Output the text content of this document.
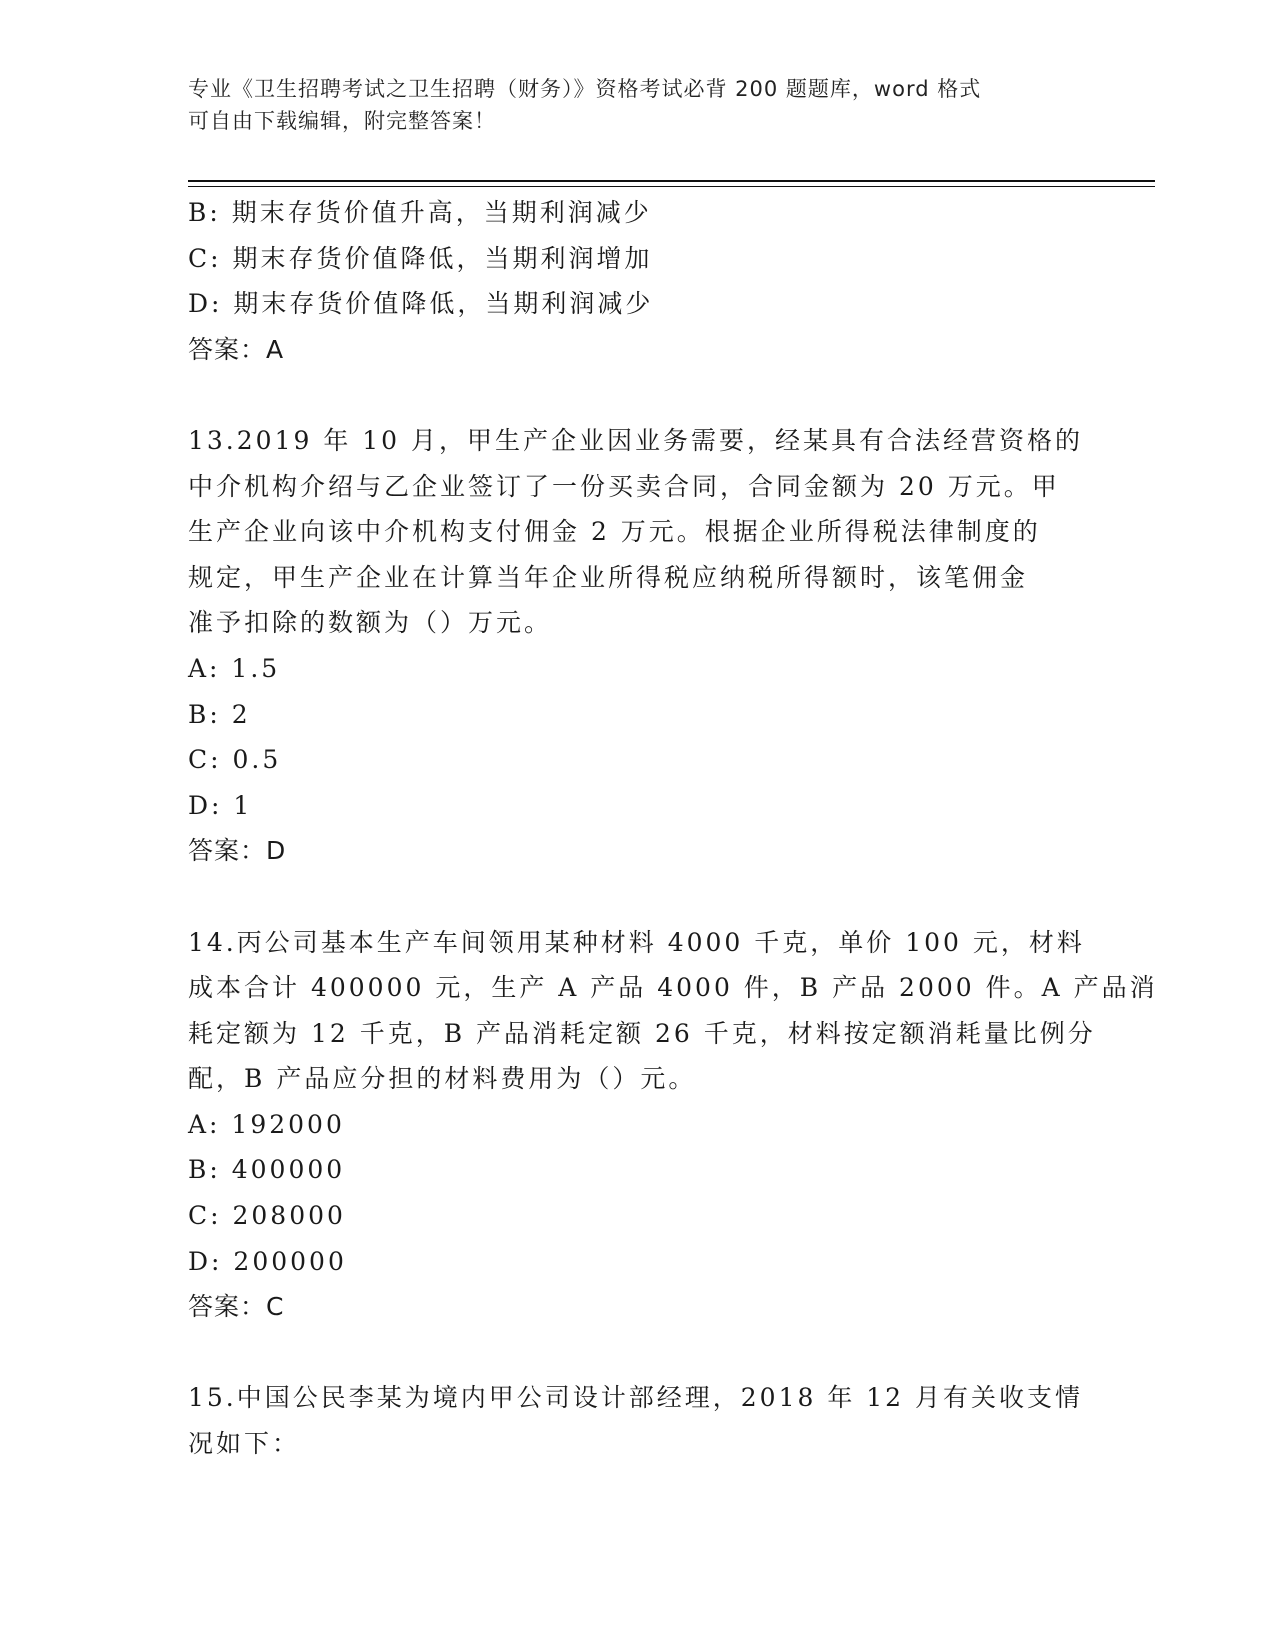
专业《卫生招聘考试之卫生招聘（财务）》资格考试必背 200 题题库，word 格式
可自由下载编辑，附完整答案！
B: 期末存货价值升高，当期利润减少
C: 期末存货价值降低，当期利润增加
D: 期末存货价值降低，当期利润减少
答案：A
13.2019 年 10 月，甲生产企业因业务需要，经某具有合法经营资格的
中介机构介绍与乙企业签订了一份买卖合同，合同金额为 20 万元。甲
生产企业向该中介机构支付佣金 2 万元。根据企业所得税法律制度的
规定，甲生产企业在计算当年企业所得税应纳税所得额时，该笔佣金
准予扣除的数额为（）万元。
A: 1.5
B: 2
C: 0.5
D: 1
答案：D
14.丙公司基本生产车间领用某种材料 4000 千克，单价 100 元，材料
成本合计 400000 元，生产 A 产品 4000 件，B 产品 2000 件。A 产品消
耗定额为 12 千克，B 产品消耗定额 26 千克，材料按定额消耗量比例分
配，B 产品应分担的材料费用为（）元。
A: 192000
B: 400000
C: 208000
D: 200000
答案：C
15.中国公民李某为境内甲公司设计部经理，2018 年 12 月有关收支情
况如下：
